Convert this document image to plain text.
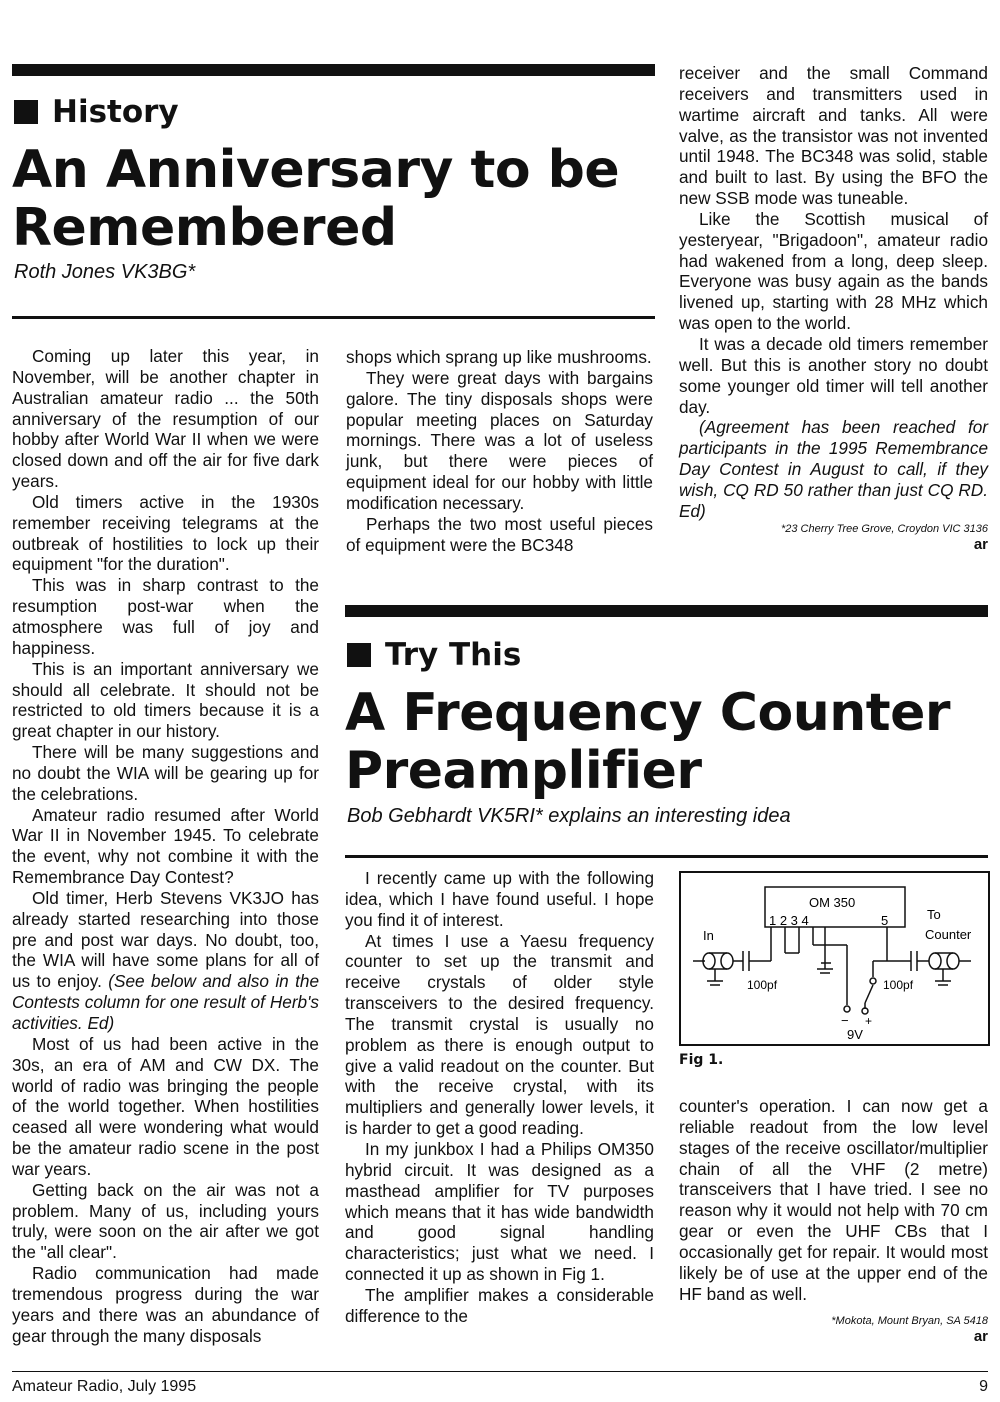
History
An Anniversary to be
Remembered
Roth Jones VK3BG*

Coming up later this year, in November, will be another chapter in Australian amateur radio ... the 50th anniversary of the resumption of our hobby after World War II when we were closed down and off the air for five dark years.

Old timers active in the 1930s remember receiving telegrams at the outbreak of hostilities to lock up their equipment "for the duration".

This was in sharp contrast to the resumption post-war when the atmosphere was full of joy and happiness.

This is an important anniversary we should all celebrate. It should not be restricted to old timers because it is a great chapter in our history.

There will be many suggestions and no doubt the WIA will be gearing up for the celebrations.

Amateur radio resumed after World War II in November 1945. To celebrate the event, why not combine it with the Remembrance Day Contest?

Old timer, Herb Stevens VK3JO has already started researching into those pre and post war days. No doubt, too, the WIA will have some plans for all of us to enjoy. (See below and also in the Contests column for one result of Herb's activities. Ed)

Most of us had been active in the 30s, an era of AM and CW DX. The world of radio was bringing the people of the world together. When hostilities ceased all were wondering what would be the amateur radio scene in the post war years.

Getting back on the air was not a problem. Many of us, including yours truly, were soon on the air after we got the "all clear".

Radio communication had made tremendous progress during the war years and there was an abundance of gear through the many disposals

shops which sprang up like mushrooms.

They were great days with bargains galore. The tiny disposals shops were popular meeting places on Saturday mornings. There was a lot of useless junk, but there were pieces of equipment ideal for our hobby with little modification necessary.

Perhaps the two most useful pieces of equipment were the BC348

receiver and the small Command receivers and transmitters used in wartime aircraft and tanks. All were valve, as the transistor was not invented until 1948. The BC348 was solid, stable and built to last. By using the BFO the new SSB mode was tuneable.

Like the Scottish musical of yesteryear, "Brigadoon", amateur radio had wakened from a long, deep sleep. Everyone was busy again as the bands livened up, starting with 28 MHz which was open to the world.

It was a decade old timers remember well. But this is another story no doubt some younger old timer will tell another day.

(Agreement has been reached for participants in the 1995 Remembrance Day Contest in August to call, if they wish, CQ RD 50 rather than just CQ RD. Ed)

*23 Cherry Tree Grove, Croydon VIC 3136
ar
Try This
A Frequency Counter
Preamplifier
Bob Gebhardt VK5RI* explains an interesting idea

I recently came up with the following idea, which I have found useful. I hope you find it of interest.

At times I use a Yaesu frequency counter to set up the transmit and receive crystals of older style transceivers to the desired frequency. The transmit crystal is usually no problem as there is enough output to give a valid readout on the counter. But with the receive crystal, with its multipliers and generally lower levels, it is harder to get a good reading.

In my junkbox I had a Philips OM350 hybrid circuit. It was designed as a masthead amplifier for TV purposes which means that it has wide bandwidth and good signal handling characteristics; just what we need. I connected it up as shown in Fig 1.

The amplifier makes a considerable difference to the

OM 350
1 2 3 4	5
In
To
Counter
100pf
− +
9V
100pf
Fig 1.

counter's operation. I can now get a reliable readout from the low level stages of the receive oscillator/multiplier chain of all the VHF (2 metre) transceivers that I have tried. I see no reason why it would not help with 70 cm gear or even the UHF CBs that I occasionally get for repair. It would most likely be of use at the upper end of the HF band as well.

*Mokota, Mount Bryan, SA 5418
ar
Amateur Radio, July 1995	9
